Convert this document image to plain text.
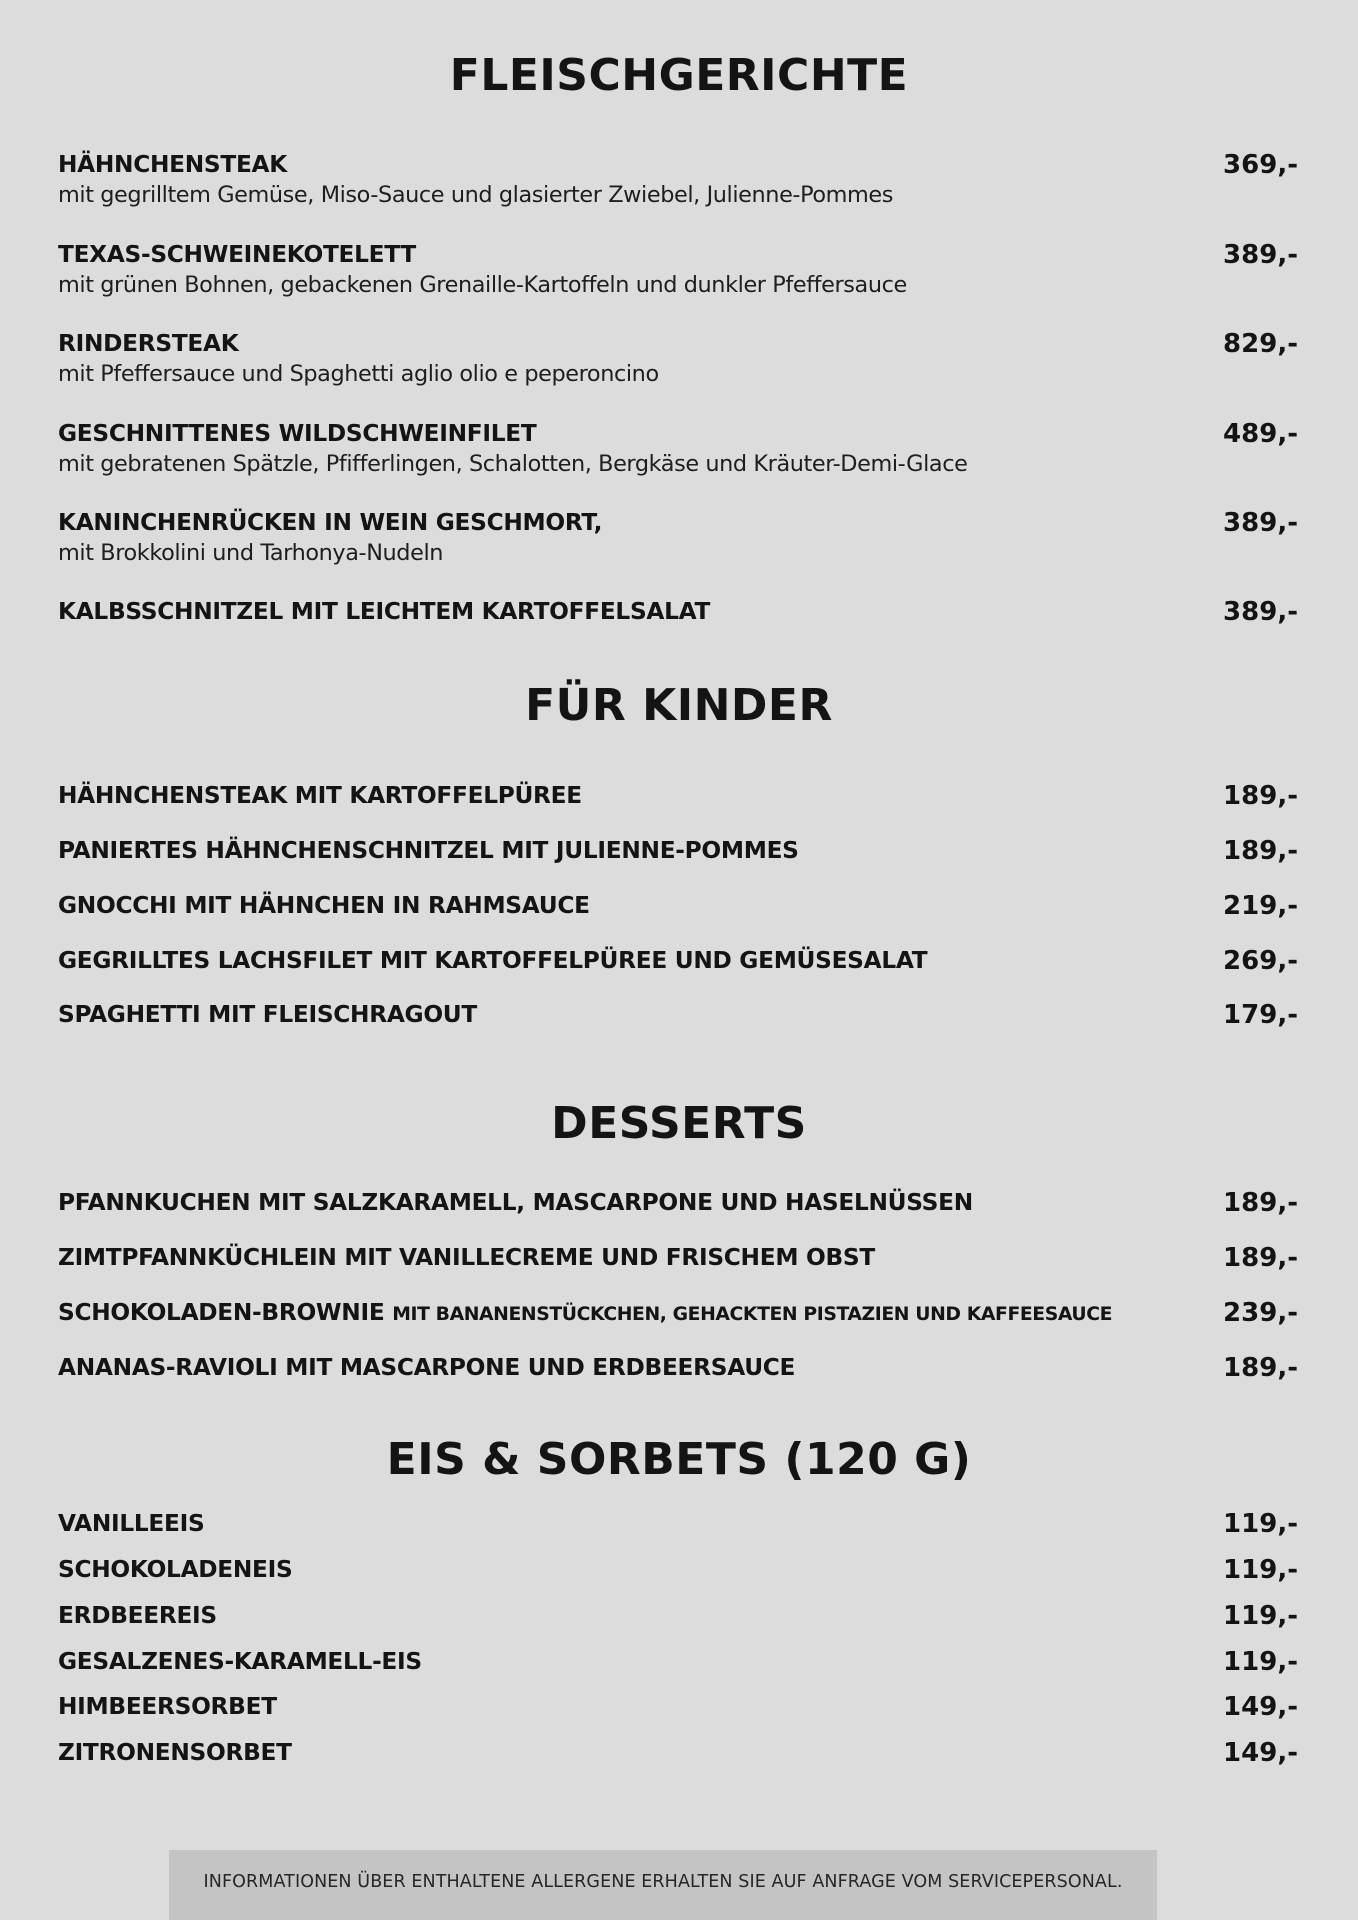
FLEISCHGERICHTE
HÄHNCHENSTEAK
mit gegrilltem Gemüse, Miso-Sauce und glasierter Zwiebel, Julienne-Pommes
369,-
TEXAS-SCHWEINEKOTELETT
mit grünen Bohnen, gebackenen Grenaille-Kartoffeln und dunkler Pfeffersauce
389,-
RINDERSTEAK
mit Pfeffersauce und Spaghetti aglio olio e peperoncino
829,-
GESCHNITTENES WILDSCHWEINFILET
mit gebratenen Spätzle, Pfifferlingen, Schalotten, Bergkäse und Kräuter-Demi-Glace
489,-
KANINCHENRÜCKEN IN WEIN GESCHMORT,
mit Brokkolini und Tarhonya-Nudeln
389,-
KALBSSCHNITZEL MIT LEICHTEM KARTOFFELSALAT	389,-
FÜR KINDER
HÄHNCHENSTEAK MIT KARTOFFELPÜREE	189,-
PANIERTES HÄHNCHENSCHNITZEL MIT JULIENNE-POMMES	189,-
GNOCCHI MIT HÄHNCHEN IN RAHMSAUCE	219,-
GEGRILLTES LACHSFILET MIT KARTOFFELPÜREE UND GEMÜSESALAT	269,-
SPAGHETTI MIT FLEISCHRAGOUT	179,-
DESSERTS
PFANNKUCHEN MIT SALZKARAMELL, MASCARPONE UND HASELNÜSSEN	189,-
ZIMTPFANNKÜCHLEIN MIT VANILLECREME UND FRISCHEM OBST	189,-
SCHOKOLADEN-BROWNIE MIT BANANENSTÜCKCHEN, GEHACKTEN PISTAZIEN UND KAFFEESAUCE	239,-
ANANAS-RAVIOLI MIT MASCARPONE UND ERDBEERSAUCE	189,-
EIS & SORBETS (120 G)
VANILLEEIS	119,-
SCHOKOLADENEIS	119,-
ERDBEEREIS	119,-
GESALZENES-KARAMELL-EIS	119,-
HIMBEERSORBET	149,-
ZITRONENSORBET	149,-
INFORMATIONEN ÜBER ENTHALTENE ALLERGENE ERHALTEN SIE AUF ANFRAGE VOM SERVICEPERSONAL.
